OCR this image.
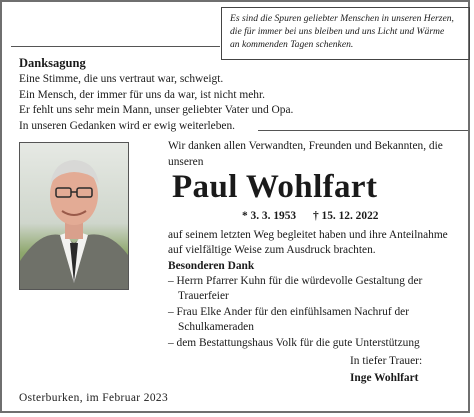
Es sind die Spuren geliebter Menschen in unseren Herzen,
die für immer bei uns bleiben und uns Licht und Wärme
an kommenden Tagen schenken.
Danksagung
Eine Stimme, die uns vertraut war, schweigt.
Ein Mensch, der immer für uns da war, ist nicht mehr.
Er fehlt uns sehr mein Mann, unser geliebter Vater und Opa.
In unseren Gedanken wird er ewig weiterleben.
Wir danken allen Verwandten, Freunden und Bekannten, die
unseren
Paul Wohlfart
* 3. 3. 1953 † 15. 12. 2022
auf seinem letzten Weg begleitet haben und ihre Anteilnahme
auf vielfältige Weise zum Ausdruck brachten.
Besonderen Dank
– Herrn Pfarrer Kuhn für die würdevolle Gestaltung der
Trauerfeier
– Frau Elke Ander für den einfühlsamen Nachruf der
Schulkameraden
– dem Bestattungshaus Volk für die gute Unterstützung
In tiefer Trauer:
Inge Wohlfart
Osterburken, im Februar 2023
